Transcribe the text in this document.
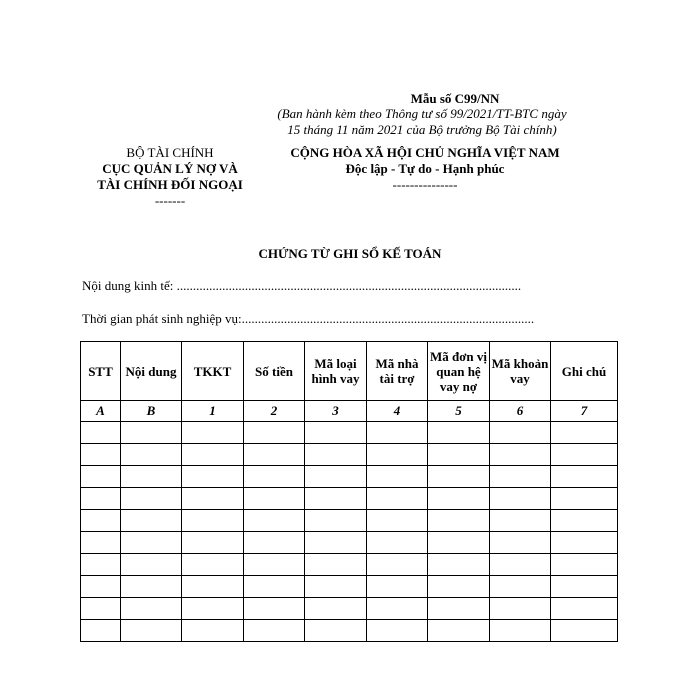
Mẫu số C99/NN
(Ban hành kèm theo Thông tư số 99/2021/TT-BTC ngày
15 tháng 11 năm 2021 của Bộ trưởng Bộ Tài chính)
BỘ TÀI CHÍNH
CỤC QUẢN LÝ NỢ VÀ
TÀI CHÍNH ĐỐI NGOẠI
-------
CỘNG HÒA XÃ HỘI CHỦ NGHĨA VIỆT NAM
Độc lập - Tự do - Hạnh phúc
---------------
CHỨNG TỪ GHI SỔ KẾ TOÁN
Nội dung kinh tế: ..........................................................................................................
Thời gian phát sinh nghiệp vụ:..........................................................................................
STT	Nội dung	TKKT	Số tiền	Mã loại hình vay	Mã nhà tài trợ	Mã đơn vị quan hệ vay nợ	Mã khoản vay	Ghi chú
A	B	1	2	3	4	5	6	7
